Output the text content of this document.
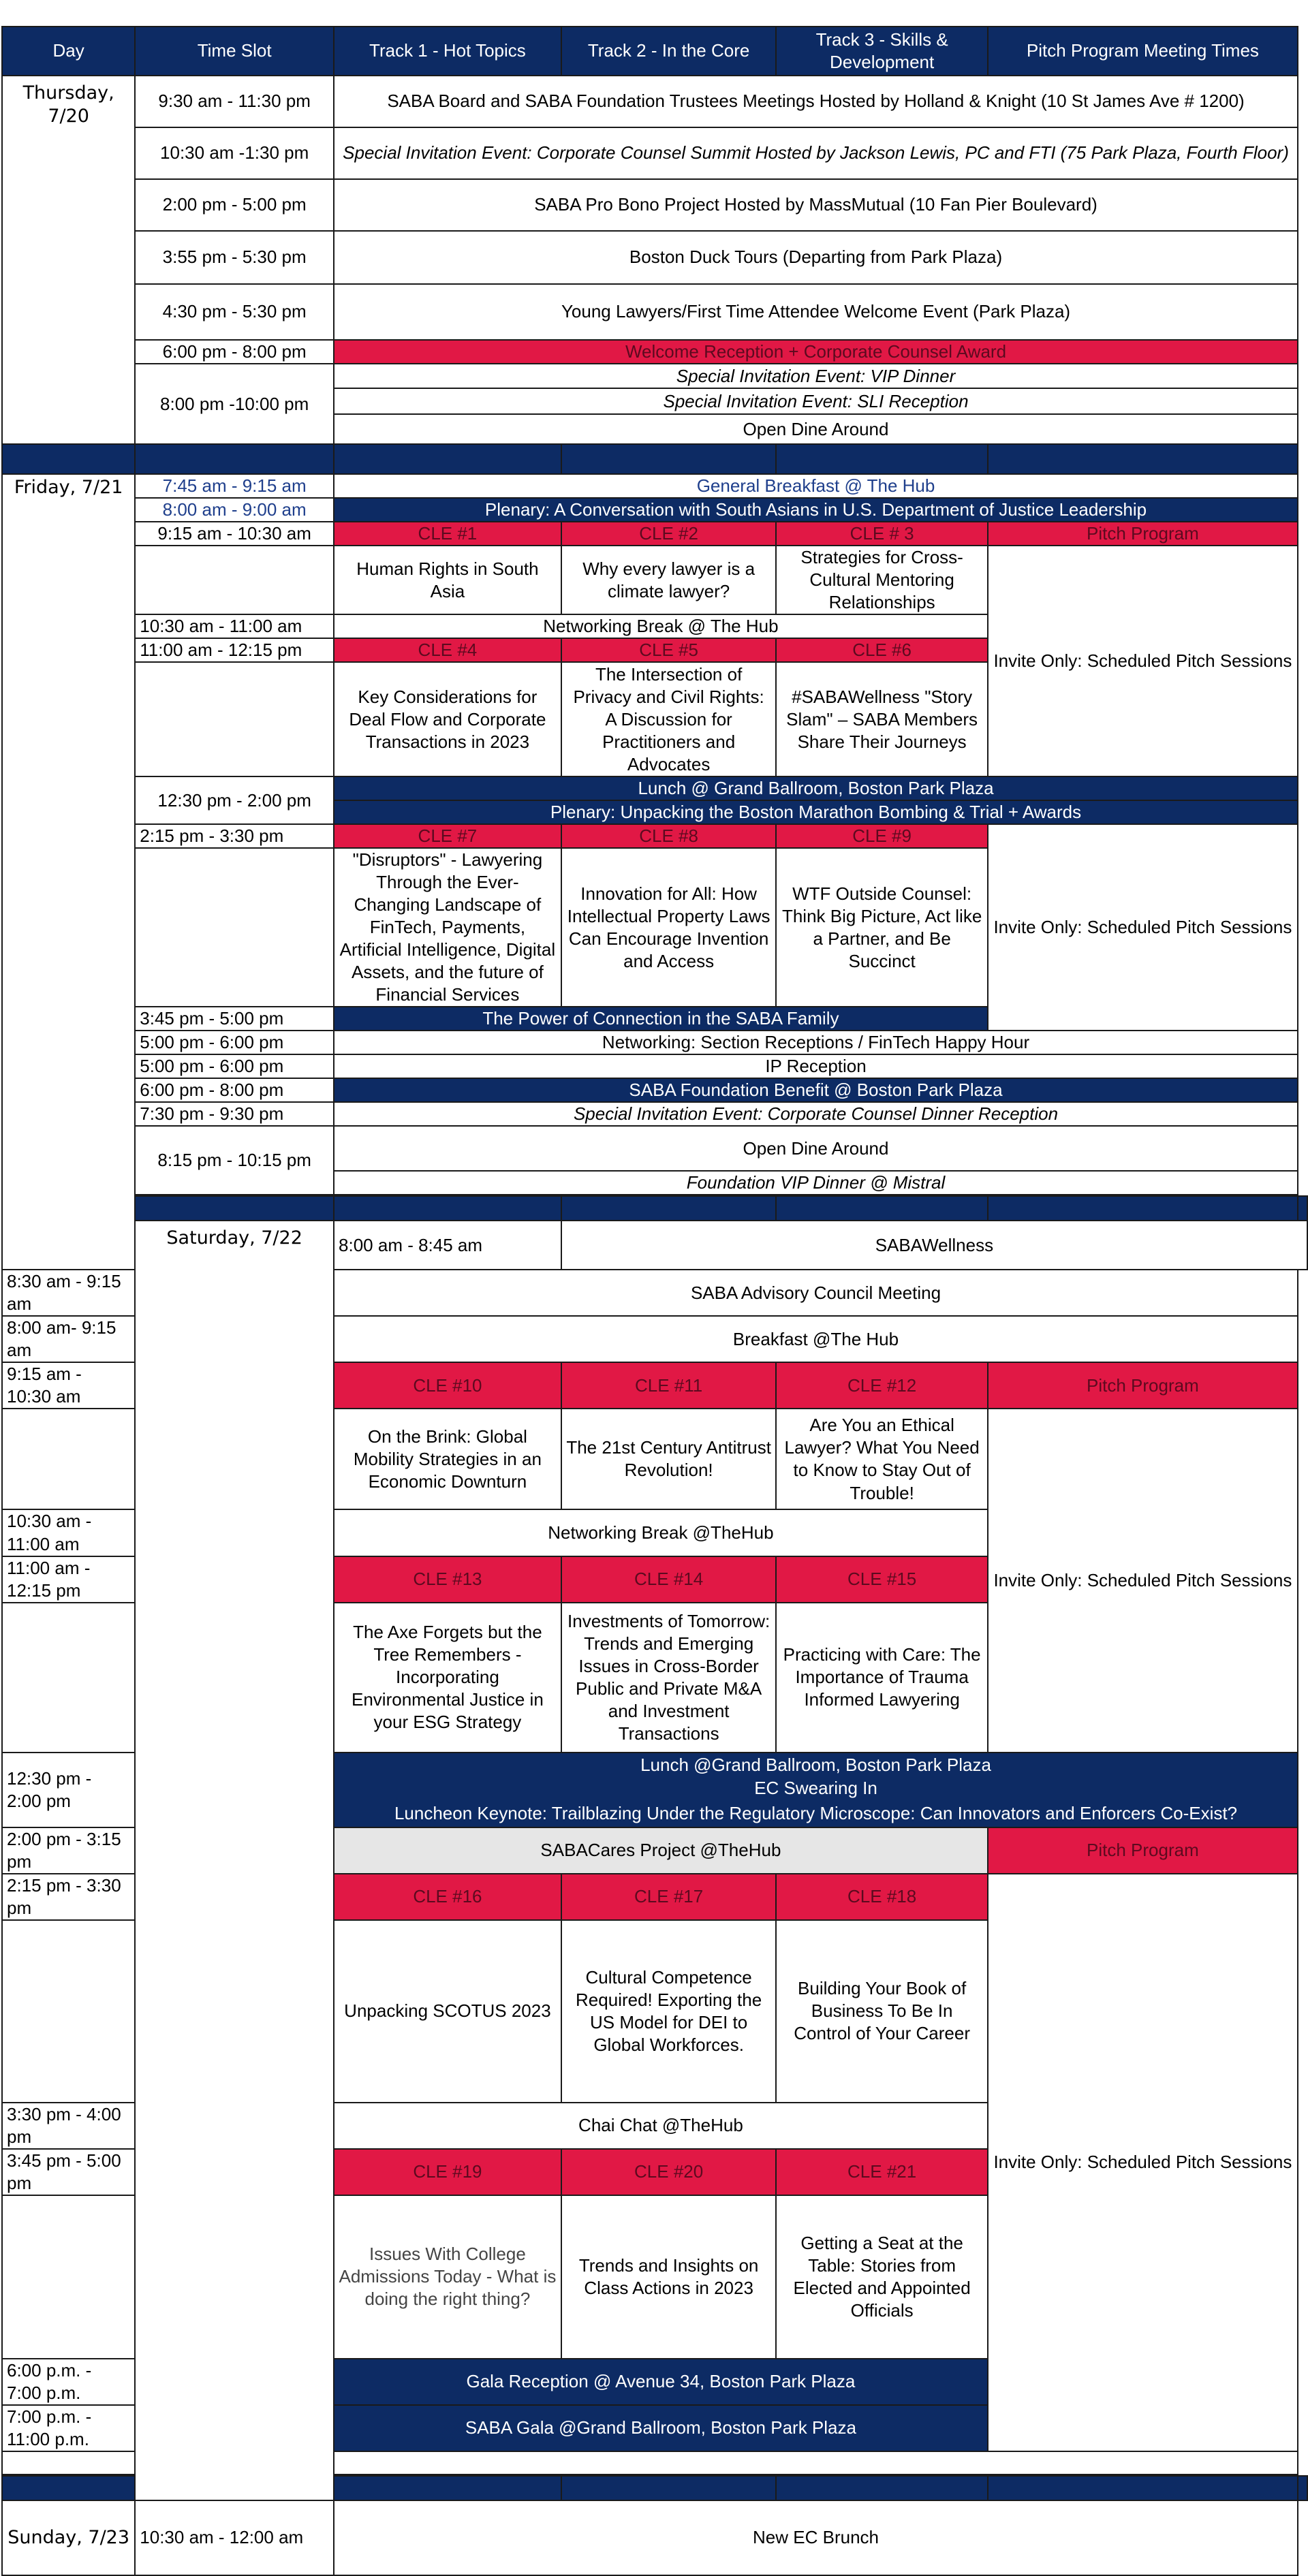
Day	Time Slot	Track 1 - Hot Topics	Track 2 - In the Core	Track 3 - Skills & Development	Pitch Program Meeting Times	
Thursday, 7/20	9:30 am - 11:30 pm	SABA Board and SABA Foundation Trustees Meetings Hosted by Holland & Knight (10 St James Ave # 1200)				
	10:30 am -1:30 pm	Special Invitation Event: Corporate Counsel Summit Hosted by Jackson Lewis, PC and FTI (75 Park Plaza, Fourth Floor)				
	2:00 pm - 5:00 pm	SABA Pro Bono Project Hosted by MassMutual (10 Fan Pier Boulevard)				
	3:55 pm - 5:30 pm	Boston Duck Tours (Departing from Park Plaza)				
	4:30 pm - 5:30 pm	Young Lawyers/First Time Attendee Welcome Event (Park Plaza)				
	6:00 pm - 8:00 pm	Welcome Reception + Corporate Counsel Award				
	8:00 pm -10:00 pm	Special Invitation Event: VIP Dinner				
		Special Invitation Event: SLI Reception				
		Open Dine Around				

Friday, 7/21	7:45 am - 9:15 am	General Breakfast @ The Hub				
	8:00 am - 9:00 am	Plenary: A Conversation with South Asians in U.S. Department of Justice Leadership				
	9:15 am - 10:30 am	CLE #1	CLE #2	CLE # 3	Pitch Program	
		Human Rights in South Asia	Why every lawyer is a climate lawyer?	Strategies for Cross-Cultural Mentoring Relationships	Invite Only: Scheduled Pitch Sessions	
	10:30 am - 11:00 am	Networking Break @ The Hub				
	11:00 am - 12:15 pm	CLE #4	CLE #5	CLE #6		
		Key Considerations for Deal Flow and Corporate Transactions in 2023	The Intersection of Privacy and Civil Rights: A Discussion for Practitioners and Advocates	#SABAWellness "Story Slam" – SABA Members Share Their Journeys		
	12:30 pm - 2:00 pm	Lunch @ Grand Ballroom, Boston Park Plaza				
		Plenary: Unpacking the Boston Marathon Bombing & Trial + Awards				
	2:15 pm - 3:30 pm	CLE #7	CLE #8	CLE #9	Invite Only: Scheduled Pitch Sessions	
		"Disruptors" - Lawyering Through the Ever-Changing Landscape of FinTech, Payments, Artificial Intelligence, Digital Assets, and the future of Financial Services	Innovation for All: How Intellectual Property Laws Can Encourage Invention and Access	WTF Outside Counsel: Think Big Picture, Act like a Partner, and Be Succinct		
	3:45 pm - 5:00 pm	The Power of Connection in the SABA Family				
	5:00 pm - 6:00 pm	Networking: Section Receptions / FinTech Happy Hour				
	5:00 pm - 6:00 pm	IP Reception				
	6:00 pm - 8:00 pm	SABA Foundation Benefit @ Boston Park Plaza				
	7:30 pm - 9:30 pm	Special Invitation Event: Corporate Counsel Dinner Reception				
	8:15 pm - 10:15 pm	Open Dine Around				
		Foundation VIP Dinner @ Mistral				

	Saturday, 7/22	8:00 am - 8:45 am	SABAWellness			
8:30 am - 9:15 am		SABA Advisory Council Meeting				
8:00 am- 9:15 am		Breakfast @The Hub				
9:15 am - 10:30 am		CLE #10	CLE #11	CLE #12	Pitch Program	
		On the Brink: Global Mobility Strategies in an Economic Downturn	The 21st Century Antitrust Revolution!	Are You an Ethical Lawyer? What You Need to Know to Stay Out of Trouble!	Invite Only: Scheduled Pitch Sessions	
10:30 am - 11:00 am		Networking Break @TheHub				
11:00 am - 12:15 pm		CLE #13	CLE #14	CLE #15		
		The Axe Forgets but the Tree Remembers - Incorporating Environmental Justice in your ESG Strategy	Investments of Tomorrow: Trends and Emerging Issues in Cross-Border Public and Private M&A and Investment Transactions	Practicing with Care: The Importance of Trauma Informed Lawyering		
12:30 pm - 2:00 pm		Lunch @Grand Ballroom, Boston Park Plaza				
		EC Swearing In				
		Luncheon Keynote: Trailblazing Under the Regulatory Microscope: Can Innovators and Enforcers Co-Exist?				
2:00 pm - 3:15 pm		SABACares Project @TheHub			Pitch Program	
2:15 pm - 3:30 pm		CLE #16	CLE #17	CLE #18	Invite Only: Scheduled Pitch Sessions	
		Unpacking SCOTUS 2023	Cultural Competence Required! Exporting the US Model for DEI to Global Workforces.	Building Your Book of Business To Be In Control of Your Career		
3:30 pm - 4:00 pm		Chai Chat @TheHub				
3:45 pm - 5:00 pm		CLE #19	CLE #20	CLE #21		
		Issues With College Admissions Today - What is doing the right thing?	Trends and Insights on Class Actions in 2023	Getting a Seat at the Table: Stories from Elected and Appointed Officials		
6:00 p.m. - 7:00 p.m.		Gala Reception @ Avenue 34, Boston Park Plaza				
7:00 p.m. - 11:00 p.m.		SABA Gala @Grand Ballroom, Boston Park Plaza				

Sunday, 7/23	10:30 am - 12:00 am	New EC Brunch				
